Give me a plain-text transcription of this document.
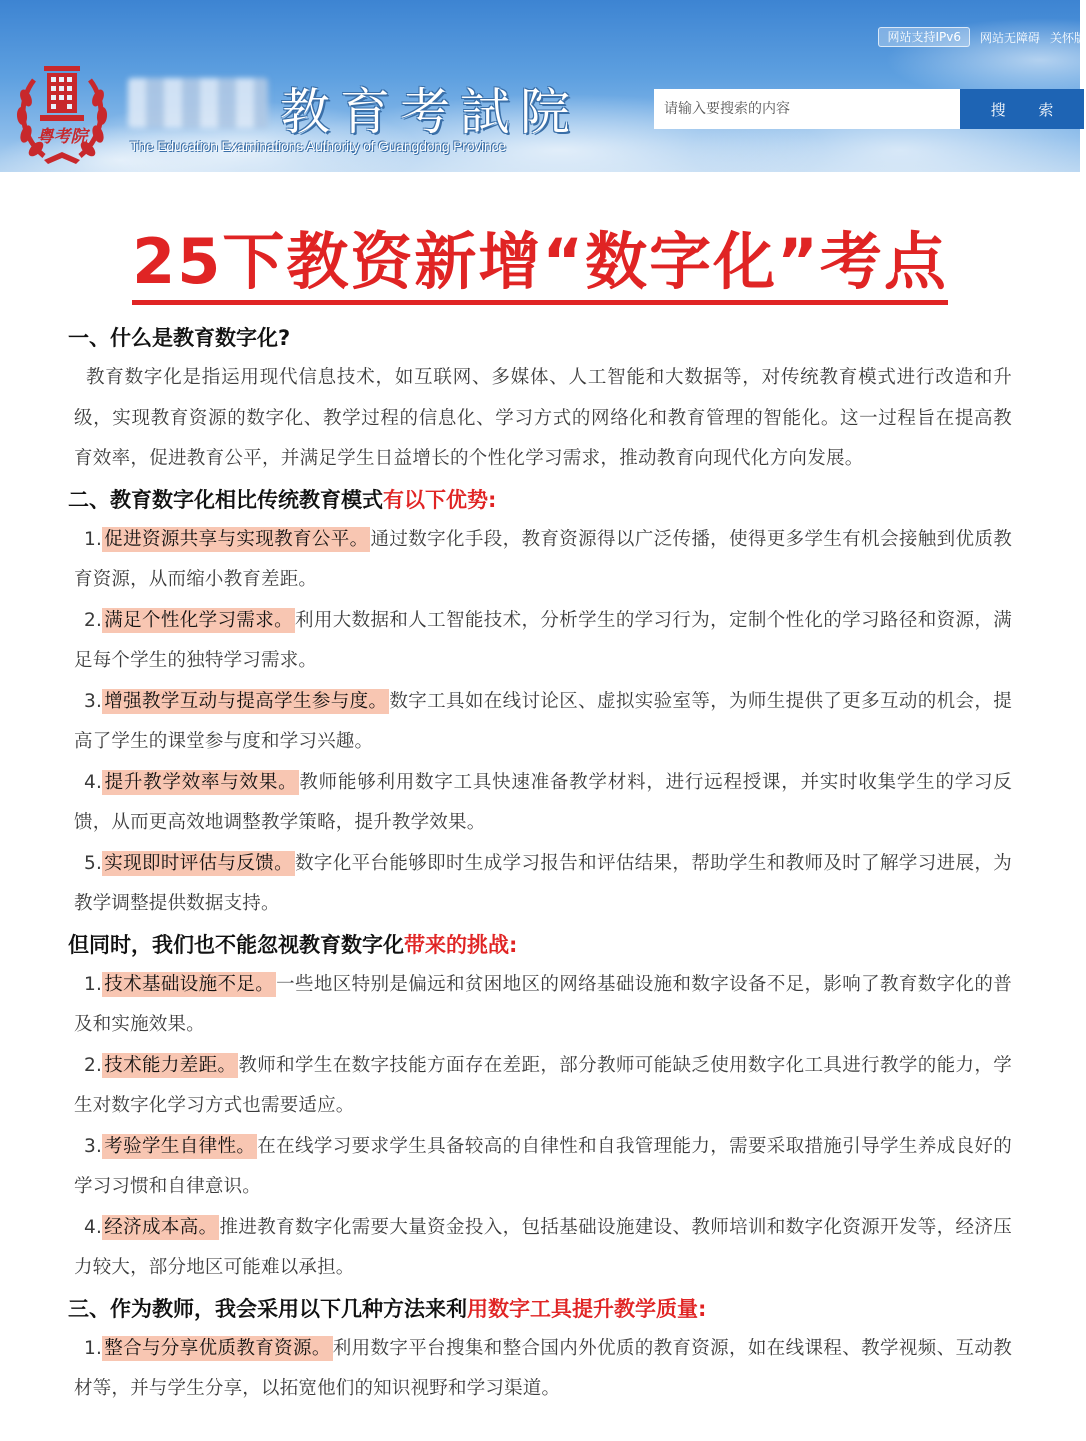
粤考院	教育考試院
The Education Examinations Authority of Guangdong Province
网站支持IPv6	网站无障碍 关怀版
请输入要搜索的内容
搜 索
25下教资新增“数字化”考点
一、什么是教育数字化?
教育数字化是指运用现代信息技术，如互联网、多媒体、人工智能和大数据等，对传统教育模式进行改造和升级，实现教育资源的数字化、教学过程的信息化、学习方式的网络化和教育管理的智能化。这一过程旨在提高教育效率，促进教育公平，并满足学生日益增长的个性化学习需求，推动教育向现代化方向发展。
二、教育数字化相比传统教育模式有以下优势:
1. 促进资源共享与实现教育公平。 通过数字化手段，教育资源得以广泛传播，使得更多学生有机会接触到优质教育资源，从而缩小教育差距。
2. 满足个性化学习需求。 利用大数据和人工智能技术，分析学生的学习行为，定制个性化的学习路径和资源，满足每个学生的独特学习需求。
3. 增强教学互动与提高学生参与度。 数字工具如在线讨论区、虚拟实验室等，为师生提供了更多互动的机会，提高了学生的课堂参与度和学习兴趣。
4. 提升教学效率与效果。 教师能够利用数字工具快速准备教学材料，进行远程授课，并实时收集学生的学习反馈，从而更高效地调整教学策略，提升教学效果。
5. 实现即时评估与反馈。 数字化平台能够即时生成学习报告和评估结果，帮助学生和教师及时了解学习进展，为教学调整提供数据支持。
但同时，我们也不能忽视教育数字化带来的挑战:
1. 技术基础设施不足。 一些地区特别是偏远和贫困地区的网络基础设施和数字设备不足，影响了教育数字化的普及和实施效果。
2. 技术能力差距。 教师和学生在数字技能方面存在差距，部分教师可能缺乏使用数字化工具进行教学的能力，学生对数字化学习方式也需要适应。
3. 考验学生自律性。 在在线学习要求学生具备较高的自律性和自我管理能力，需要采取措施引导学生养成良好的学习习惯和自律意识。
4. 经济成本高。 推进教育数字化需要大量资金投入，包括基础设施建设、教师培训和数字化资源开发等，经济压力较大，部分地区可能难以承担。
三、作为教师，我会采用以下几种方法来利用数字工具提升教学质量:
1. 整合与分享优质教育资源。 利用数字平台搜集和整合国内外优质的教育资源，如在线课程、教学视频、互动教材等，并与学生分享，以拓宽他们的知识视野和学习渠道。
